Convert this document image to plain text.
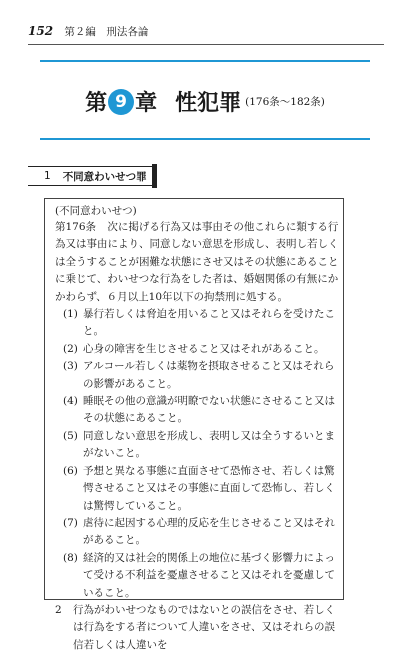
152 第２編　刑法各論
第 9 章 性犯罪 (176条〜182条)
1 不同意わいせつ罪
(不同意わいせつ)
第176条 次に掲げる行為又は事由その他これらに類する行為又は事由により、同意しない意思を形成し、表明し若しくは全うすることが困難な状態にさせ又はその状態にあることに乗じて、わいせつな行為をした者は、婚姻関係の有無にかかわらず、６月以上10年以下の拘禁刑に処する。
(1) 暴行若しくは脅迫を用いること又はそれらを受けたこと。
(2) 心身の障害を生じさせること又はそれがあること。
(3) アルコール若しくは薬物を摂取させること又はそれらの影響があること。
(4) 睡眠その他の意識が明瞭でない状態にさせること又はその状態にあること。
(5) 同意しない意思を形成し、表明し又は全うするいとまがないこと。
(6) 予想と異なる事態に直面させて恐怖させ、若しくは驚愕させること又はその事態に直面して恐怖し、若しくは驚愕していること。
(7) 虐待に起因する心理的反応を生じさせること又はそれがあること。
(8) 経済的又は社会的関係上の地位に基づく影響力によって受ける不利益を憂慮させること又はそれを憂慮していること。
2	行為がわいせつなものではないとの誤信をさせ、若しくは行為をする者について人違いをさせ、又はそれらの誤信若しくは人違いを
